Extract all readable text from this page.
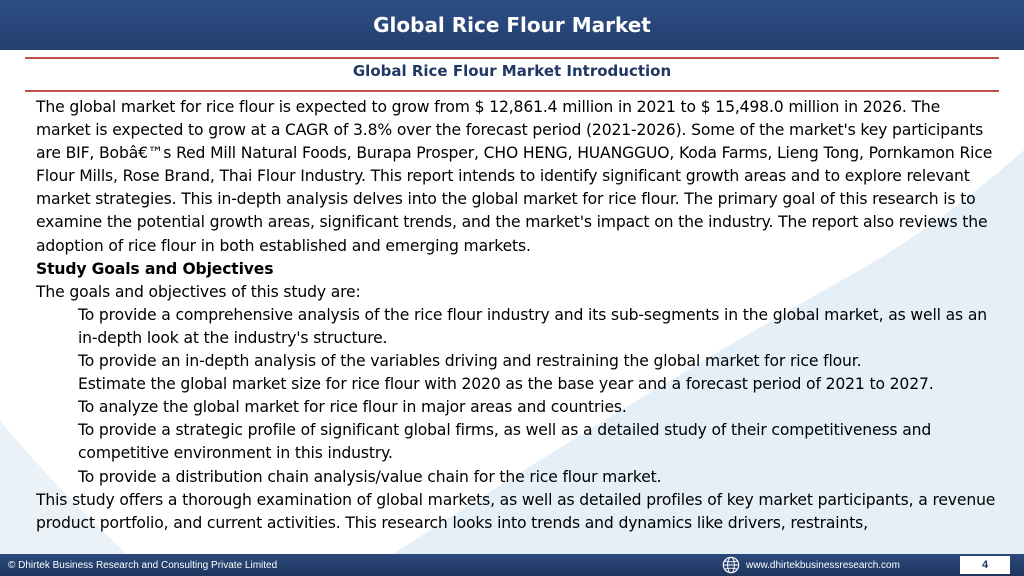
Global Rice Flour Market
Global Rice Flour Market Introduction

The global market for rice flour is expected to grow from $ 12,861.4 million in 2021 to $ 15,498.0 million in 2026. The market is expected to grow at a CAGR of 3.8% over the forecast period (2021-2026). Some of the market's key participants are BIF, Bobâ€™s Red Mill Natural Foods, Burapa Prosper, CHO HENG, HUANGGUO, Koda Farms, Lieng Tong, Pornkamon Rice Flour Mills, Rose Brand, Thai Flour Industry. This report intends to identify significant growth areas and to explore relevant market strategies. This in-depth analysis delves into the global market for rice flour. The primary goal of this research is to examine the potential growth areas, significant trends, and the market's impact on the industry. The report also reviews the adoption of rice flour in both established and emerging markets.

Study Goals and Objectives

The goals and objectives of this study are:

To provide a comprehensive analysis of the rice flour industry and its sub-segments in the global market, as well as an in-depth look at the industry's structure.
To provide an in-depth analysis of the variables driving and restraining the global market for rice flour.
Estimate the global market size for rice flour with 2020 as the base year and a forecast period of 2021 to 2027.
To analyze the global market for rice flour in major areas and countries.
To provide a strategic profile of significant global firms, as well as a detailed study of their competitiveness and competitive environment in this industry.
To provide a distribution chain analysis/value chain for the rice flour market.

This study offers a thorough examination of global markets, as well as detailed profiles of key market participants, a revenue product portfolio, and current activities. This research looks into trends and dynamics like drivers, restraints,

© Dhirtek Business Research and Consulting Private Limited	www.dhirtekbusinessresearch.com	4
